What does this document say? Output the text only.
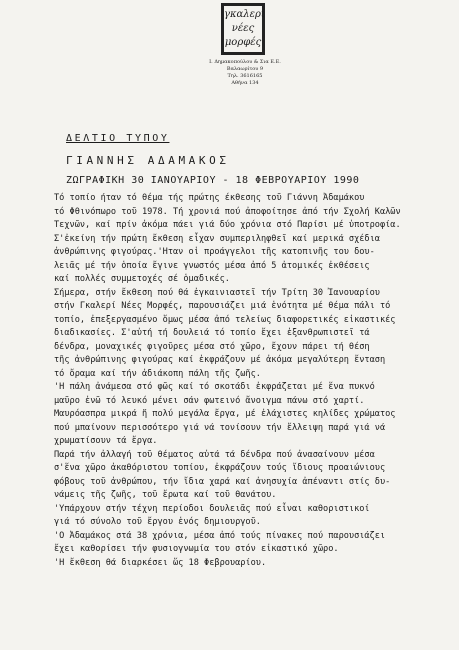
γκαλερι
νέες
μορφές
Ι. Δημακοπούλου & Σια Ε.Ε.
Βαλαωρίτου 9
Τηλ. 3616165
Αθήνα 134
ΔΕΛΤΙΟ ΤΥΠΟΥ
ΓΙΑΝΝΗΣ ΑΔΑΜΑΚΟΣ
ΖΩΓΡΑΦΙΚΗ 30 ΙΑΝΟΥΑΡΙΟΥ - 18 ΦΕΒΡΟΥΑΡΙΟΥ 1990
Τό τοπίο ήταν τό θέμα τής πρώτης έκθεσης τοῦ Γιάννη Ἀδαμάκου
τό Φθινόπωρο τοῦ 1978. Τή χρονιά πού ἀποφοίτησε ἀπό τήν Σχολή Καλῶν
Τεχνῶν, καί πρίν ἀκόμα πάει γιά δύο χρόνια στό Παρίσι μέ ὑποτροφία.
Σ'ἐκείνη τήν πρώτη ἔκθεση εἶχαν συμπεριληφθεῖ καί μερικά σχέδια
ἀνθρώπινης φιγούρας.'Ηταν οἱ προάγγελοι τῆς κατοπινῆς του δου-
λειᾶς μέ τήν ὁποία ἔγινε γνωστός μέσα ἀπό 5 ἀτομικές ἐκθέσεις
καί πολλές συμμετοχές σέ ὁμαδικές.
Σήμερα, στήν ἔκθεση πού θά ἐγκαινιαστεῖ τήν Τρίτη 30 Ἰανουαρίου
στήν Γκαλερί Νέες Μορφές, παρουσιάζει μιά ἑνότητα μέ θέμα πάλι τό
τοπίο, ἐπεξεργασμένο ὅμως μέσα ἀπό τελείως διαφορετικές εἰκαστικές
διαδικασίες. Σ'αὐτή τή δουλειά τό τοπίο ἔχει ἐξανθρωπιστεῖ τά
δένδρα, μοναχικές φιγοῦρες μέσα στό χῶρο, ἔχουν πάρει τή θέση
τῆς ἀνθρώπινης φιγούρας καί ἐκφράζουν μέ ἀκόμα μεγαλύτερη ἔνταση
τό ὄραμα καί τήν ἀδιάκοπη πάλη τῆς ζωῆς.
'Η πάλη ἀνάμεσα στό φῶς καί τό σκοτάδι ἐκφράζεται μέ ἕνα πυκνό
μαῦρο ἐνῶ τό λευκό μένει σάν φωτεινό ἄνοιγμα πάνω στό χαρτί.
Μαυρόασπρα μικρά ἤ πολύ μεγάλα ἔργα, μέ ἐλάχιστες κηλίδες χρώματος
πού μπαίνουν περισσότερο γιά νά τονίσουν τήν ἔλλειψη παρά γιά νά
χρωματίσουν τά ἔργα.
Παρά τήν ἀλλαγή τοῦ θέματος αὐτά τά δένδρα πού ἀνασαίνουν μέσα
σ'ἕνα χῶρο ἀκαθόριστου τοπίου, ἐκφράζουν τούς ἴδιους προαιώνιους
φόβους τοῦ ἀνθρώπου, τήν ἴδια χαρά καί ἀνησυχία ἀπέναντι στίς δυ-
νάμεις τῆς ζωῆς, τοῦ ἔρωτα καί τοῦ θανάτου.
'Υπάρχουν στήν τέχνη περίοδοι δουλειᾶς πού εἶναι καθοριστικοί
γιά τό σύνολο τοῦ ἔργου ἑνός δημιουργοῦ.
'Ο Ἀδαμάκος στά 38 χρόνια, μέσα ἀπό τούς πίνακες πού παρουσιάζει
ἔχει καθορίσει τήν φυσιογνωμία του στόν εἰκαστικό χῶρο.
'Η ἔκθεση θά διαρκέσει ὥς 18 Φεβρουαρίου.
